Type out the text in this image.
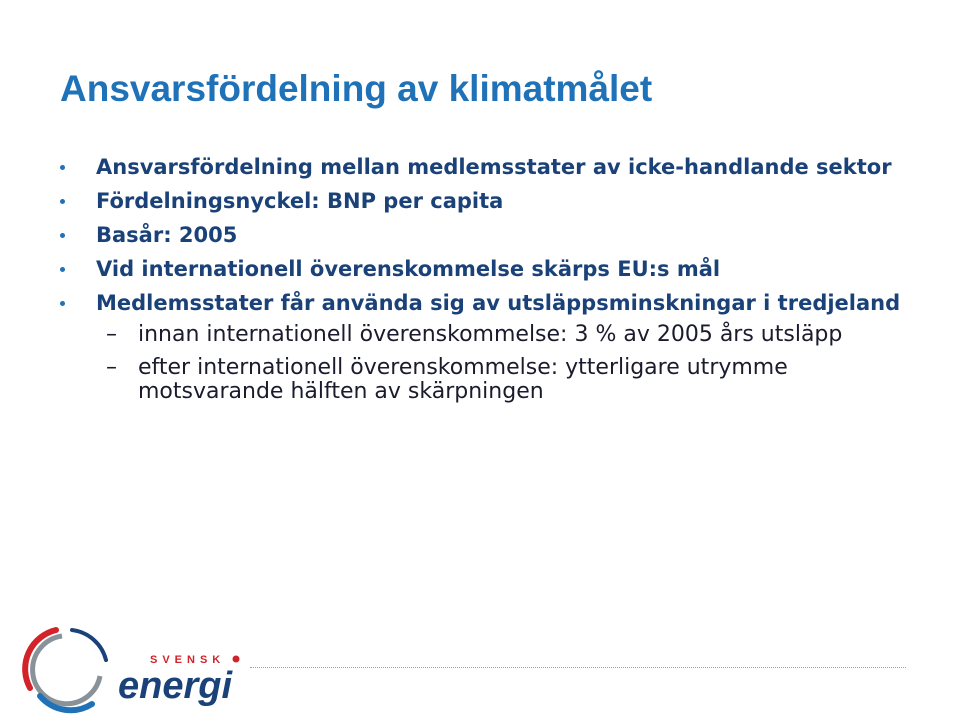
Ansvarsfördelning av klimatmålet
Ansvarsfördelning mellan medlemsstater av icke-handlande sektor
Fördelningsnyckel: BNP per capita
Basår: 2005
Vid internationell överenskommelse skärps EU:s mål
Medlemsstater får använda sig av utsläppsminskningar i tredjeland
– innan internationell överenskommelse: 3 % av 2005 års utsläpp
– efter internationell överenskommelse: ytterligare utrymme motsvarande hälften av skärpningen
SVENSK
energi
